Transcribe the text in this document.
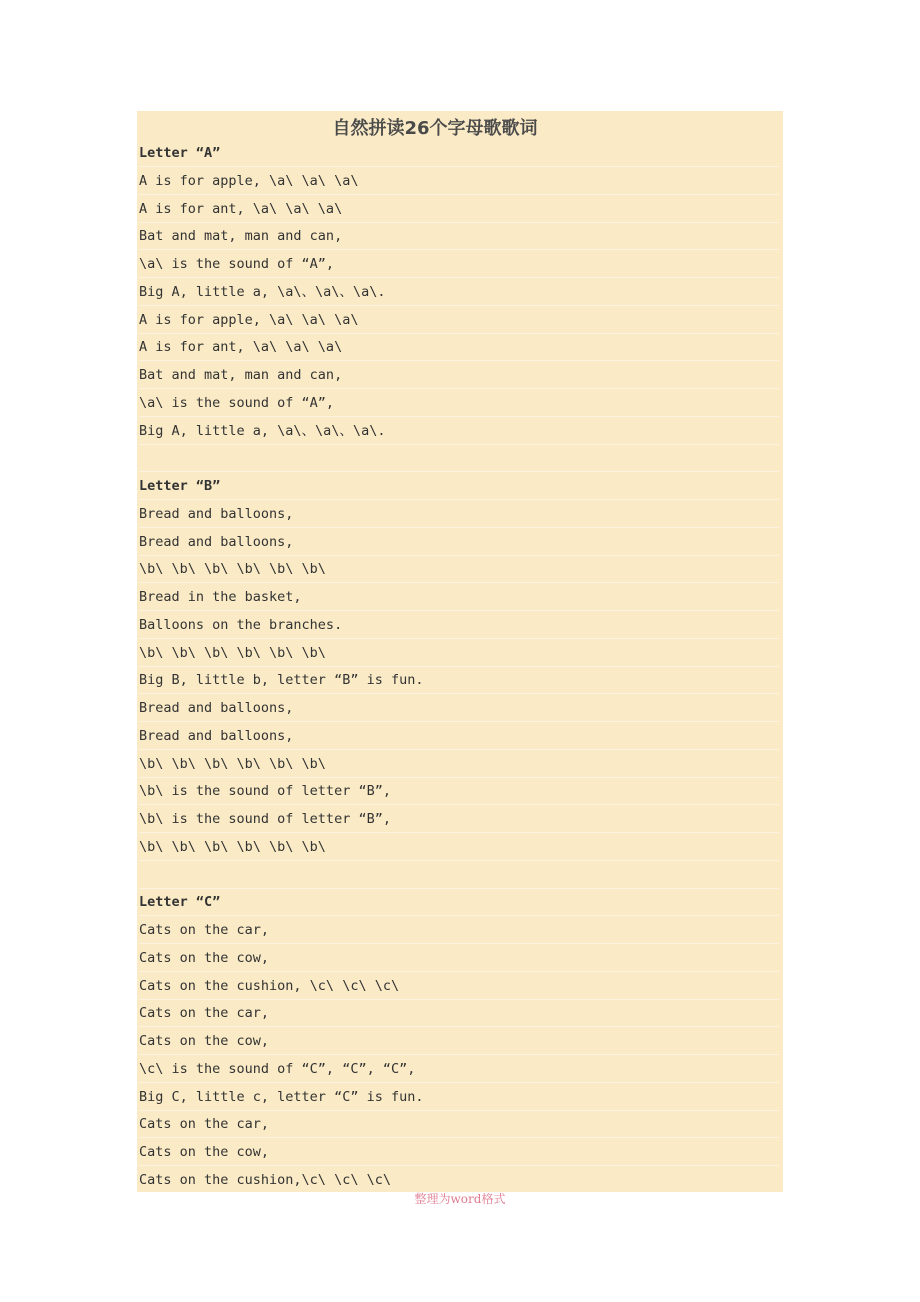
自然拼读26个字母歌歌词
Letter “A”
A is for apple, \a\ \a\ \a\
A is for ant, \a\ \a\ \a\
Bat and mat, man and can,
\a\ is the sound of “A”,
Big A, little a, \a\、\a\、\a\.
A is for apple, \a\ \a\ \a\
A is for ant, \a\ \a\ \a\
Bat and mat, man and can,
\a\ is the sound of “A”,
Big A, little a, \a\、\a\、\a\.
Letter “B”
Bread and balloons,
Bread and balloons,
\b\ \b\ \b\ \b\ \b\ \b\
Bread in the basket,
Balloons on the branches.
\b\ \b\ \b\ \b\ \b\ \b\
Big B, little b, letter “B” is fun.
Bread and balloons,
Bread and balloons,
\b\ \b\ \b\ \b\ \b\ \b\
\b\ is the sound of letter “B”,
\b\ is the sound of letter “B”,
\b\ \b\ \b\ \b\ \b\ \b\
Letter “C”
Cats on the car,
Cats on the cow,
Cats on the cushion, \c\ \c\ \c\
Cats on the car,
Cats on the cow,
\c\ is the sound of “C”, “C”, “C”,
Big C, little c, letter “C” is fun.
Cats on the car,
Cats on the cow,
Cats on the cushion,\c\ \c\ \c\
整理为word格式
